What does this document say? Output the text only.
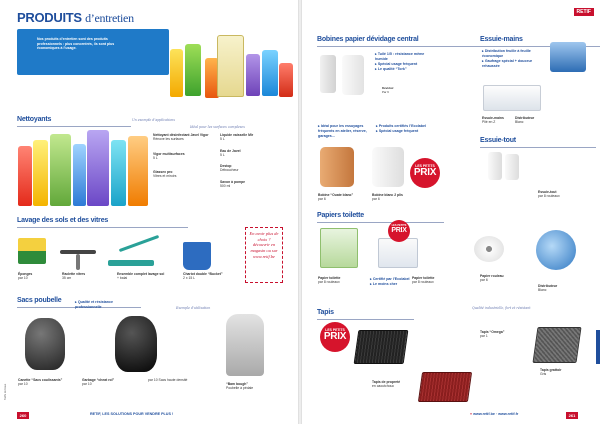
PRODUITS d’entretien
Nos produits d’entretien sont des produits professionnels : plus concentrés, ils sont plus économiques à l’usage.
Nettoyants	Un exemple d’applications
Idéal pour les surfaces complexes
Nettoyant désinfectant Javel Vigor
Rénove les surfaces
Vigor multisurfaces
5 L
Glassex pro
Vitres et miroirs
Liquide vaisselle Mir
5 L
Eau de Javel
5 L
Destop
Déboucheur
Savon à pompe
500 ml
Lavage des sols et des vitres
Éponges
par 10
Raclette vitres
35 cm
Ensemble complet lavage sol
+ balai
Chariot double “Bucket”
2 x 15 L
En avoir plus de choix ? découvrir en magasin ou sur www.retif.be
Sacs poubelle
▸	Qualité et résistance professionnelle	Exemple d’utilisation
Canette “Sacs coulissants”
par 10
Garbage “cheat rol”
par 10
par 10 Sacs haute densité
“Bam bough”
Poubelle à pédale
Tarifs de base
260	RETIF, LES SOLUTIONS POUR VENDRE PLUS !
RETIF
Bobines papier dévidage central
▸ Tuilé 1/5 : résistance même humide
▸ Spécial usage fréquent
▸ Le qualité “Tork”
Dévidoir
Par 6
▸ Idéal pour les essuyages fréquents en atelier, réserve, garages...
▸ Produits certifiés l’Ecolabel
▸ Spécial usage fréquent
LES PETITS
PRIX
Bobine “Ouate blanc”
par 6
Bobine blanc 2 plis
par 6
Essuie-mains
▸ Distribution feuille à feuille économique
▸ Gaufrage spécial + douceur rehaussée
Essuie-mains
Plié en Z
Distributeur
Blanc
Essuie-tout
Essuie-tout
par 8 rouleaux
Papiers toilette
LES PETITS
PRIX
▸ Certifié par l’Ecolabel
▸ Le moins cher
Papier toilette
par 8 rouleaux
Papier toilette
par 8 rouleaux
Papier rouleau
par 6
Distributeur
Blanc
Tapis
Qualité industrielle, fort et résistant
LES PETITS
PRIX
Tapis de propreté
en caoutchouc
Tapis “Omega”
par 1
Tapis grattoir
Gris
» www.retif.be · www.retif.fr	261
